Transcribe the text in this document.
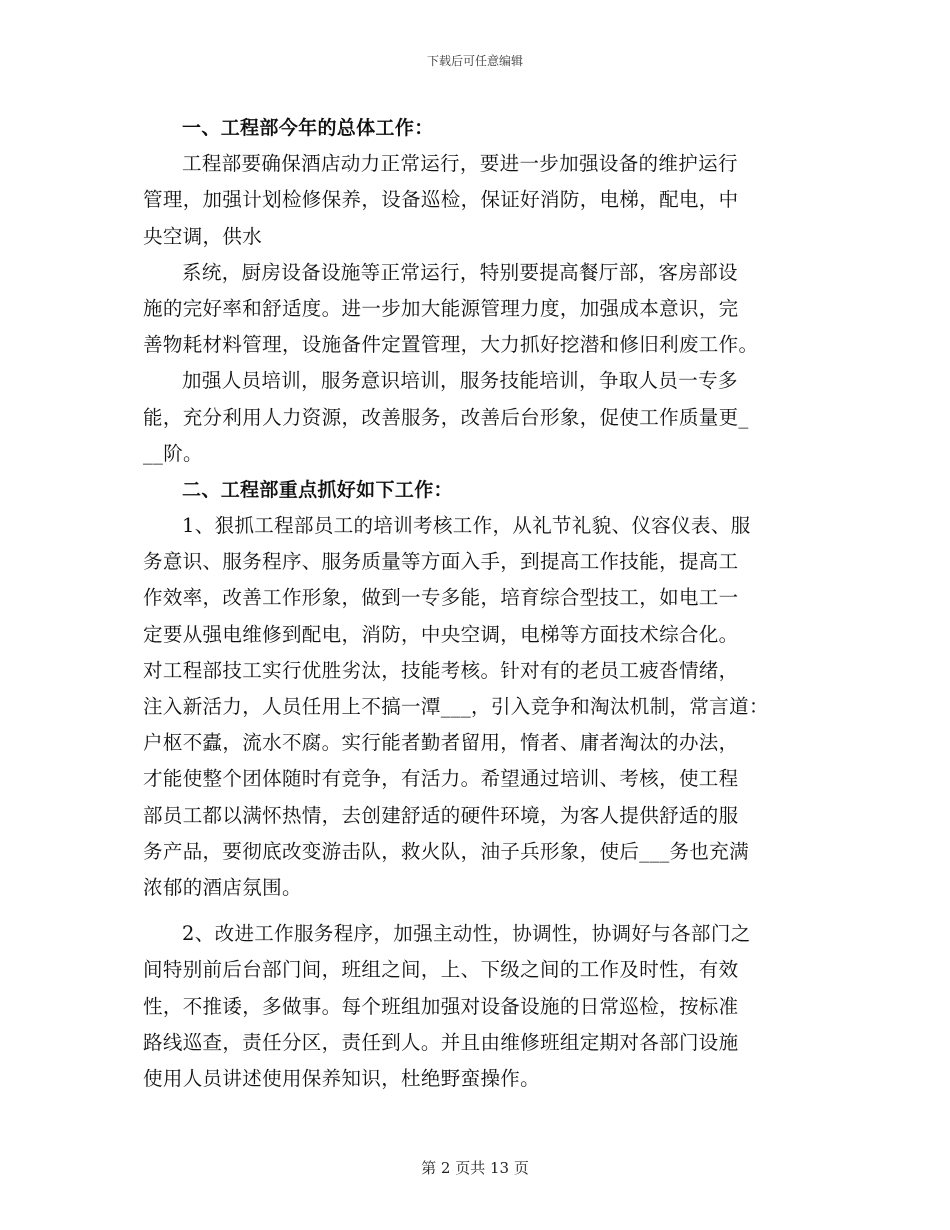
下载后可任意编辑

一、工程部今年的总体工作：

工程部要确保酒店动力正常运行，要进一步加强设备的维护运行

管理，加强计划检修保养，设备巡检，保证好消防，电梯，配电，中

央空调，供水

系统，厨房设备设施等正常运行，特别要提高餐厅部，客房部设

施的完好率和舒适度。进一步加大能源管理力度，加强成本意识，完

善物耗材料管理，设施备件定置管理，大力抓好挖潜和修旧利废工作。

加强人员培训，服务意识培训，服务技能培训，争取人员一专多

能，充分利用人力资源，改善服务，改善后台形象，促使工作质量更_

__阶。

二、工程部重点抓好如下工作：

1、狠抓工程部员工的培训考核工作，从礼节礼貌、仪容仪表、服

务意识、服务程序、服务质量等方面入手，到提高工作技能，提高工

作效率，改善工作形象，做到一专多能，培育综合型技工，如电工一

定要从强电维修到配电，消防，中央空调，电梯等方面技术综合化。

对工程部技工实行优胜劣汰，技能考核。针对有的老员工疲沓情绪，

注入新活力，人员任用上不搞一潭___，引入竞争和淘汰机制，常言道：

户枢不蠹，流水不腐。实行能者勤者留用，惰者、庸者淘汰的办法，

才能使整个团体随时有竞争，有活力。希望通过培训、考核，使工程

部员工都以满怀热情，去创建舒适的硬件环境，为客人提供舒适的服

务产品，要彻底改变游击队，救火队，油子兵形象，使后___务也充满

浓郁的酒店氛围。

2、改进工作服务程序，加强主动性，协调性，协调好与各部门之

间特别前后台部门间，班组之间，上、下级之间的工作及时性，有效

性，不推诿，多做事。每个班组加强对设备设施的日常巡检，按标准

路线巡查，责任分区，责任到人。并且由维修班组定期对各部门设施

使用人员讲述使用保养知识，杜绝野蛮操作。

第 2 页共 13 页
